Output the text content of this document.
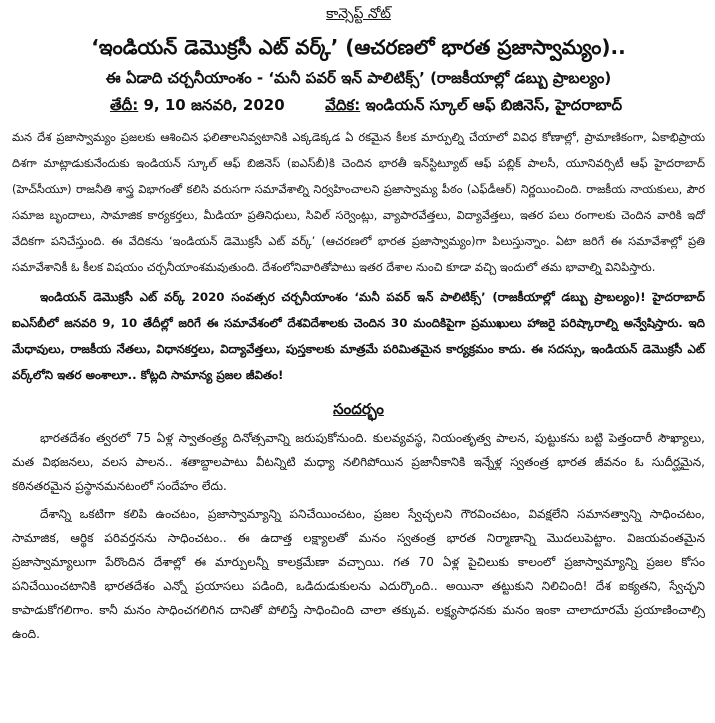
కాన్సెప్ట్ నోట్
‘ఇండియన్ డెమొక్రసీ ఎట్ వర్క్’ (ఆచరణలో భారత ప్రజాస్వామ్యం)..
ఈ ఏడాది చర్చనీయాంశం - ‘మనీ పవర్ ఇన్ పాలిటిక్స్’ (రాజకీయాల్లో డబ్బు ప్రాబల్యం)
తేదీ: 9, 10 జనవరి, 2020	వేదిక: ఇండియన్ స్కూల్ ఆఫ్ బిజినెస్, హైదరాబాద్

మన దేశ ప్రజాస్వామ్యం ప్రజలకు ఆశించిన ఫలితాలనివ్వటానికి ఎక్కడెక్కడ ఏ రకమైన కీలక మార్పుల్ని చేయాలో వివిధ కోణాల్లో, ప్రామాణికంగా, ఏకాభిప్రాయ దిశగా మాట్లాడుకునేందుకు ఇండియన్ స్కూల్ ఆఫ్ బిజినెస్ (ఐఎస్‌బీ)కి చెందిన భారతీ ఇన్‌స్టిట్యూట్ ఆఫ్ పబ్లిక్ పాలసీ, యూనివర్సిటీ ఆఫ్ హైదరాబాద్ (హెచ్‌సీయూ) రాజనీతి శాస్త్ర విభాగంతో కలిసి వరుసగా సమావేశాల్ని నిర్వహించాలని ప్రజాస్వామ్య పీఠం (ఎఫ్‌డీఆర్) నిర్ణయించింది. రాజకీయ నాయకులు, పౌర సమాజ బృందాలు, సామాజిక కార్యకర్తలు, మీడియా ప్రతినిధులు, సివిల్ సర్వెంట్లు, వ్యాపారవేత్తలు, విద్యావేత్తలు, ఇతర పలు రంగాలకు చెందిన వారికి ఇదో వేదికగా పనిచేస్తుంది. ఈ వేదికను ‘ఇండియన్ డెమొక్రసీ ఎట్ వర్క్’ (ఆచరణలో భారత ప్రజాస్వామ్యం)గా పిలుస్తున్నాం. ఏటా జరిగే ఈ సమావేశాల్లో ప్రతి సమావేశానికీ ఓ కీలక విషయం చర్చనీయాంశమవుతుంది. దేశంలోనివారితోపాటు ఇతర దేశాల నుంచి కూడా వచ్చి ఇందులో తమ భావాల్ని వినిపిస్తారు.

ఇండియన్ డెమొక్రసీ ఎట్ వర్క్ 2020 సంవత్సర చర్చనీయాంశం ‘మనీ పవర్ ఇన్ పాలిటిక్స్’ (రాజకీయాల్లో డబ్బు ప్రాబల్యం)! హైదరాబాద్ ఐఎస్‌బీలో జనవరి 9, 10 తేదీల్లో జరిగే ఈ సమావేశంలో దేశవిదేశాలకు చెందిన 30 మందికిపైగా ప్రముఖులు హాజరై పరిష్కారాల్ని అన్వేషిస్తారు. ఇది మేధావులు, రాజకీయ నేతలు, విధానకర్తలు, విద్యావేత్తలు, పుస్తకాలకు మాత్రమే పరిమితమైన కార్యక్రమం కాదు. ఈ సదస్సు, ఇండియన్ డెమొక్రసీ ఎట్ వర్క్‌లోని ఇతర అంశాలూ.. కోట్లది సామాన్య ప్రజల జీవితం!

సందర్భం

భారతదేశం త్వరలో 75 ఏళ్ల స్వాతంత్ర్య దినోత్సవాన్ని జరుపుకోనుంది. కులవ్యవస్థ, నియంతృత్వ పాలన, పుట్టుకను బట్టి పెత్తందారీ సౌఖ్యాలు, మత విభజనలు, వలస పాలన.. శతాబ్దాలపాటు వీటన్నిటి మధ్యా నలిగిపోయిన ప్రజానీకానికి ఇన్నేళ్ల స్వతంత్ర భారత జీవనం ఓ సుదీర్ఘమైన, కఠినతరమైన ప్రస్థానమనటంలో సందేహం లేదు.

దేశాన్ని ఒకటిగా కలిపి ఉంచటం, ప్రజాస్వామ్యాన్ని పనిచేయించటం, ప్రజల స్వేచ్ఛలని గౌరవించటం, వివక్షలేని సమానత్వాన్ని సాధించటం, సామాజిక, ఆర్థిక పరివర్తనను సాధించటం.. ఈ ఉదాత్త లక్ష్యాలతో మనం స్వతంత్ర భారత నిర్మాణాన్ని మొదలుపెట్టాం. విజయవంతమైన ప్రజాస్వామ్యాలుగా పేరొందిన దేశాల్లో ఈ మార్పులన్నీ కాలక్రమేణా వచ్చాయి. గత 70 ఏళ్ల పైచిలుకు కాలంలో ప్రజాస్వామ్యాన్ని ప్రజల కోసం పనిచేయించటానికి భారతదేశం ఎన్నో ప్రయాసలు పడింది, ఒడిదుడుకులను ఎదుర్కొంది.. అయినా తట్టుకుని నిలిచింది! దేశ ఐక్యతని, స్వేచ్ఛని కాపాడుకోగలిగాం. కానీ మనం సాధించగలిగిన దానితో పోలిస్తే సాధించింది చాలా తక్కువ. లక్ష్యసాధనకు మనం ఇంకా చాలాదూరమే ప్రయాణించాల్సి ఉంది.
